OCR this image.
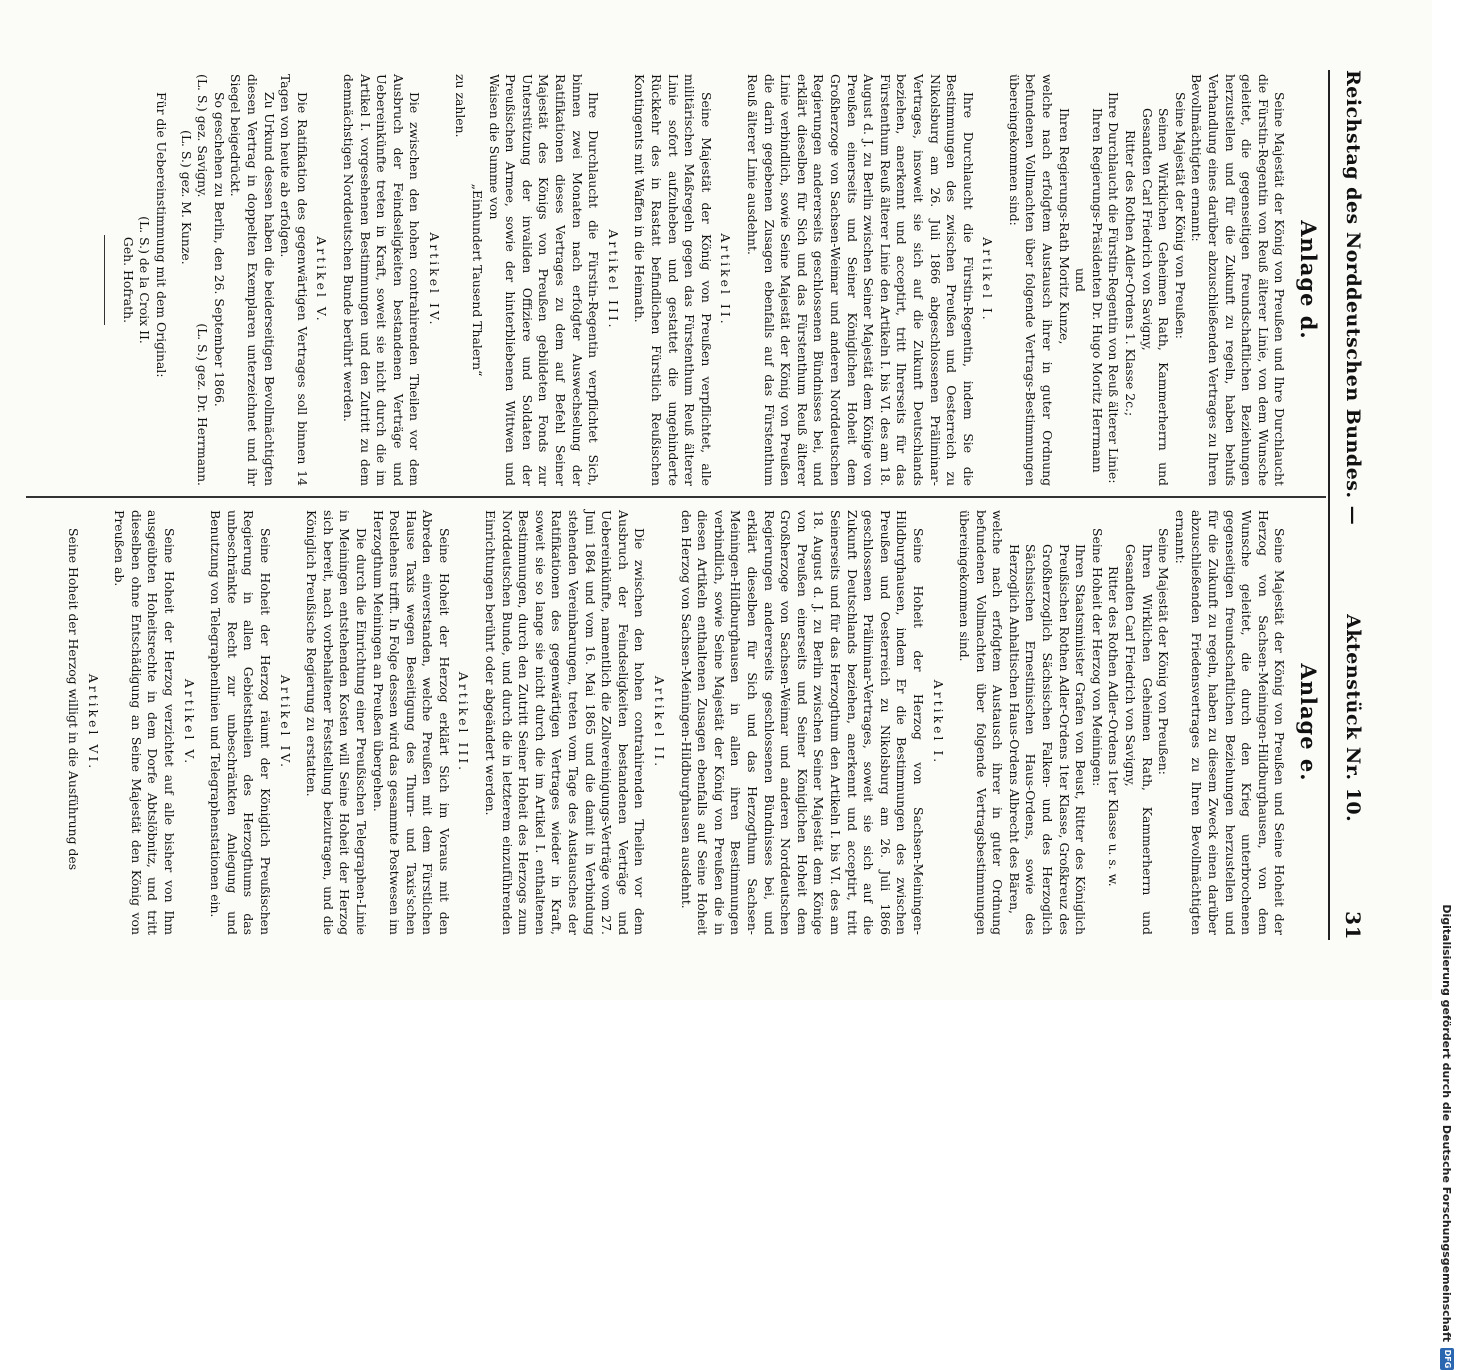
Reichstag des Norddeutschen Bundes. —
Aktenstück Nr. 10.
31	Digitalisierung gefördert durch die Deutsche Forschungsgemeinschaft
DFG
Anlage d.

Seine Majestät der König von Preußen und Ihre Durchlaucht die Fürstin-Regentin von Reuß älterer Linie, von dem Wunsche geleitet, die gegenseitigen freundschaftlichen Beziehungen herzustellen und für die Zukunft zu regeln, haben behufs Verhandlung eines darüber abzuschließenden Vertrages zu Ihren Bevollmächtigten ernannt:

Seine Majestät der König von Preußen:

Seinen Wirklichen Geheimen Rath, Kammerherrn und Gesandten Carl Friedrich von Savigny,

Ritter des Rothen Adler-Ordens 1. Klasse 2c.;

Ihre Durchlaucht die Fürstin-Regentin von Reuß älterer Linie:

Ihren Regierungs-Präsidenten Dr. Hugo Moritz Herrmann

und

Ihren Regierungs-Rath Moritz Kunze,

welche nach erfolgtem Austausch ihrer in guter Ordnung befundenen Vollmachten über folgende Vertrags-Bestimmungen übereingekommen sind:

Artikel I.

Ihre Durchlaucht die Fürstin-Regentin, indem Sie die Bestimmungen des zwischen Preußen und Oesterreich zu Nikolsburg am 26. Juli 1866 abgeschlossenen Präliminar-Vertrages, insoweit sie sich auf die Zukunft Deutschlands beziehen, anerkennt und acceptirt, tritt Ihrerseits für das Fürstenthum Reuß älterer Linie den Artikeln I. bis VI. des am 18. August d. J. zu Berlin zwischen Seiner Majestät dem Könige von Preußen einerseits und Seiner Königlichen Hoheit dem Großherzoge von Sachsen-Weimar und anderen Norddeutschen Regierungen andererseits geschlossenen Bündnisses bei, und erklärt dieselben für Sich und das Fürstenthum Reuß älterer Linie verbindlich, sowie Seine Majestät der König von Preußen die darin gegebenen Zusagen ebenfalls auf das Fürstenthum Reuß älterer Linie ausdehnt.

Artikel II.

Seine Majestät der König von Preußen verpflichtet, alle militärischen Maßregeln gegen das Fürstenthum Reuß älterer Linie sofort aufzuheben und gestattet die ungehinderte Rückkehr des in Rastatt befindlichen Fürstlich Reußischen Kontingents mit Waffen in die Heimath.

Artikel III.

Ihre Durchlaucht die Fürstin-Regentin verpflichtet Sich, binnen zwei Monaten nach erfolgter Auswechselung der Ratifikationen dieses Vertrages zu dem auf Befehl Seiner Majestät des Königs von Preußen gebildeten Fonds zur Unterstützung der invaliden Offiziere und Soldaten der Preußischen Armee, sowie der hinterbliebenen Wittwen und Waisen die Summe von

„Einhundert Tausend Thalern“

zu zahlen.

Artikel IV.

Die zwischen den hohen contrahirenden Theilen vor dem Ausbruch der Feindseligkeiten bestandenen Verträge und Uebereinkünfte treten in Kraft, soweit sie nicht durch die im Artikel I. vorgesehenen Bestimmungen und den Zutritt zu dem demnächstigen Norddeutschen Bunde berührt werden.

Artikel V.

Die Ratifikation des gegenwärtigen Vertrages soll binnen 14 Tagen von heute ab erfolgen.

Zu Urkund dessen haben die beiderseitigen Bevollmächtigten diesen Vertrag in doppelten Exemplaren unterzeichnet und ihr Siegel beigedrückt.

So geschehen zu Berlin, den 26. September 1866.

(L. S.) gez. Savigny.
(L. S.) gez. Dr. Herrmann.

(L. S.) gez. M. Kunze.

Für die Uebereinstimmung mit dem Original:

(L. S.) de la Croix II.

Geh. Hofrath.

Anlage e.

Seine Majestät der König von Preußen und Seine Hoheit der Herzog von Sachsen-Meiningen-Hildburghausen, von dem Wunsche geleitet, die durch den Krieg unterbrochenen gegenseitigen freundschaftlichen Beziehungen herzustellen und für die Zukunft zu regeln, haben zu diesem Zweck einen darüber abzuschließenden Friedensvertrages zu Ihren Bevollmächtigten ernannt:

Seine Majestät der König von Preußen:

Ihren Wirklichen Geheimen Rath, Kammerherrn und Gesandten Carl Friedrich von Savigny,

Ritter des Rothen Adler-Ordens 1ter Klasse u. s. w.

Seine Hoheit der Herzog von Meiningen:

Ihren Staatsminister Grafen von Beust, Ritter des Königlich Preußischen Rothen Adler-Ordens 1ter Klasse, Großkreuz des Großherzoglich Sächsischen Falken- und des Herzoglich Sächsischen Ernestinischen Haus-Ordens, sowie des Herzoglich Anhaltischen Haus-Ordens Albrecht des Bären,

welche nach erfolgtem Austausch ihrer in guter Ordnung befundenen Vollmachten über folgende Vertragsbestimmungen übereingekommen sind.

Artikel I.

Seine Hoheit der Herzog von Sachsen-Meiningen-Hildburghausen, indem Er die Bestimmungen des zwischen Preußen und Oesterreich zu Nikolsburg am 26. Juli 1866 geschlossenen Präliminar-Vertrages, soweit sie sich auf die Zukunft Deutschlands beziehen, anerkennt und acceptirt, tritt Seinerseits und für das Herzogthum den Artikeln I. bis VI. des am 18. August d. J. zu Berlin zwischen Seiner Majestät dem Könige von Preußen einerseits und Seiner Königlichen Hoheit dem Großherzoge von Sachsen-Weimar und anderen Norddeutschen Regierungen andererseits geschlossenen Bündnisses bei, und erklärt dieselben für Sich und das Herzogthum Sachsen-Meiningen-Hildburghausen in allen ihren Bestimmungen verbindlich, sowie Seine Majestät der König von Preußen die in diesen Artikeln enthaltenen Zusagen ebenfalls auf Seine Hoheit den Herzog von Sachsen-Meiningen-Hildburghausen ausdehnt.

Artikel II.

Die zwischen den hohen contrahirenden Theilen vor dem Ausbruch der Feindseligkeiten bestandenen Verträge und Uebereinkünfte, namentlich die Zollvereinigungs-Verträge vom 27. Juni 1864 und vom 16. Mai 1865 und die damit in Verbindung stehenden Vereinbarungen, treten vom Tage des Austausches der Ratifikationen des gegenwärtigen Vertrages wieder in Kraft, soweit sie so lange sie nicht durch die im Artikel I. enthaltenen Bestimmungen, durch den Zutritt Seiner Hoheit des Herzogs zum Norddeutschen Bunde, und durch die in letzterem einzuführenden Einrichtungen berührt oder abgeändert werden.

Artikel III.

Seine Hoheit der Herzog erklärt Sich im Voraus mit den Abreden einverstanden, welche Preußen mit dem Fürstlichen Hause Taxis wegen Beseitigung des Thurn- und Taxis'schen Postlehens trifft. In Folge dessen wird das gesammte Postwesen im Herzogthum Meiningen an Preußen übergehen.

Die durch die Einrichtung einer Preußischen Telegraphen-Linie in Meiningen entstehenden Kosten will Seine Hoheit der Herzog sich bereit, nach vorbehaltener Feststellung beizutragen, und die Königlich Preußische Regierung zu erstatten.

Artikel IV.

Seine Hoheit der Herzog räumt der Königlich Preußischen Regierung in allen Gebietstheilen des Herzogthums das unbeschränkte Recht zur unbeschränkten Anlegung und Benutzung von Telegraphenlinien und Telegraphenstationen ein.

Artikel V.

Seine Hoheit der Herzog verzichtet auf alle bisher von Ihm ausgeübten Hoheitsrechte in dem Dorfe Abtslöbnitz, und tritt dieselben ohne Entschädigung an Seine Majestät den König von Preußen ab.

Artikel VI.

Seine Hoheit der Herzog willigt in die Ausführung des
